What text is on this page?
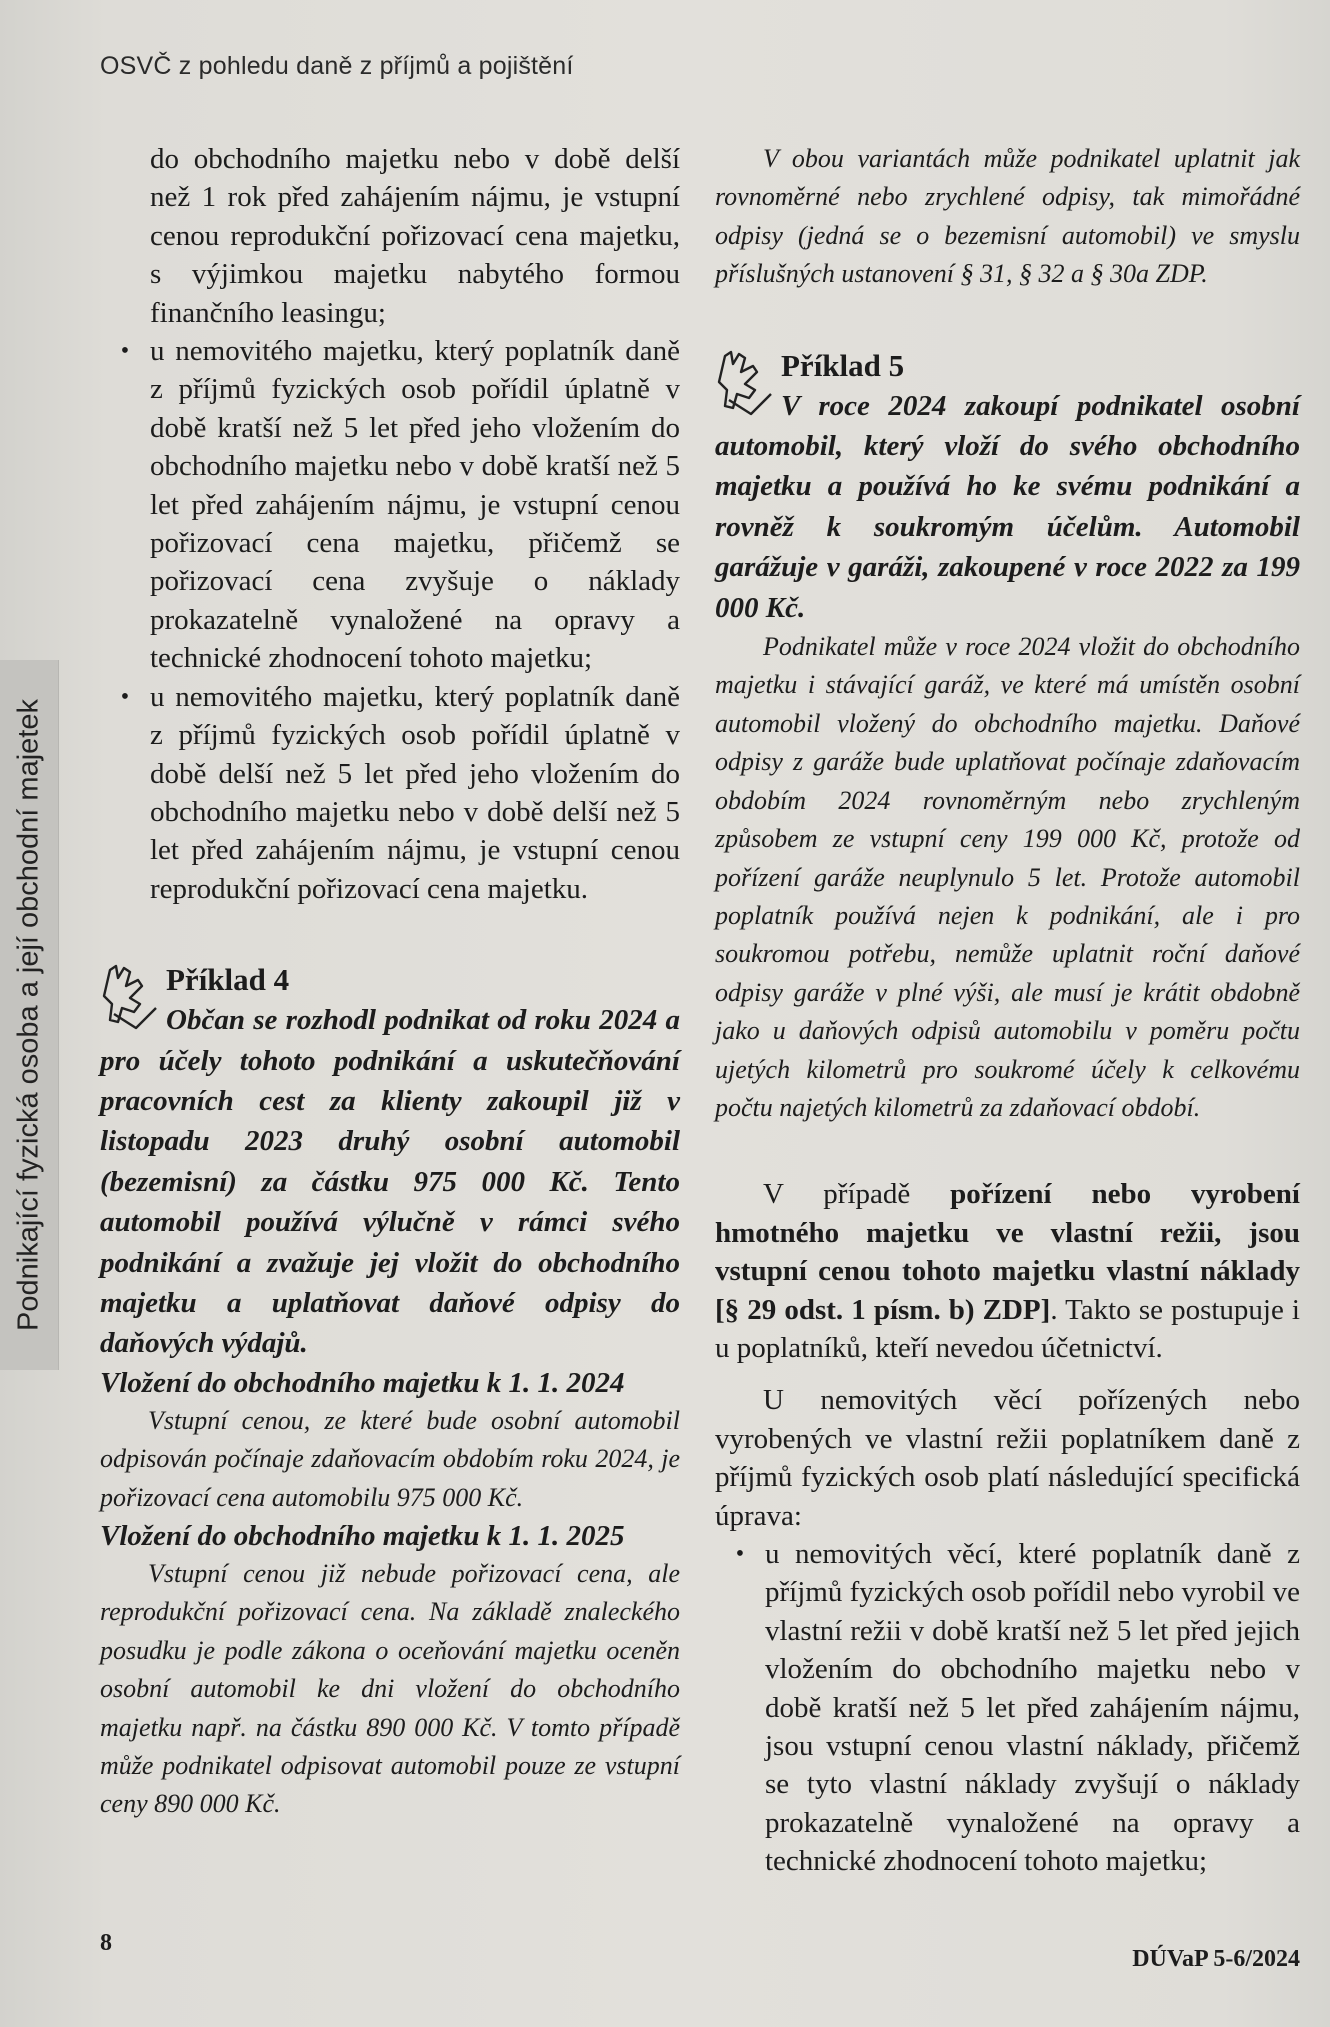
OSVČ z pohledu daně z příjmů a pojištění
Podnikající fyzická osoba a její obchodní majetek

do obchodního majetku nebo v době delší než 1 rok před zahájením nájmu, je vstupní cenou reprodukční pořizovací cena majetku, s výjimkou majetku nabytého formou finančního leasingu;

• u nemovitého majetku, který poplatník daně z příjmů fyzických osob pořídil úplatně v době kratší než 5 let před jeho vložením do obchodního majetku nebo v době kratší než 5 let před zahájením nájmu, je vstupní cenou pořizovací cena majetku, přičemž se pořizovací cena zvyšuje o náklady prokazatelně vynaložené na opravy a technické zhodnocení tohoto majetku;
• u nemovitého majetku, který poplatník daně z příjmů fyzických osob pořídil úplatně v době delší než 5 let před jeho vložením do obchodního majetku nebo v době delší než 5 let před zahájením nájmu, je vstupní cenou reprodukční pořizovací cena majetku.
Příklad 4

Občan se rozhodl podnikat od roku 2024 a pro účely tohoto podnikání a uskutečňování pracovních cest za klienty zakoupil již v listopadu 2023 druhý osobní automobil (bezemisní) za částku 975 000 Kč. Tento automobil používá výlučně v rámci svého podnikání a zvažuje jej vložit do obchodního majetku a uplatňovat daňové odpisy do daňových výdajů.

Vložení do obchodního majetku k 1. 1. 2024

Vstupní cenou, ze které bude osobní automobil odpisován počínaje zdaňovacím obdobím roku 2024, je pořizovací cena automobilu 975 000 Kč.

Vložení do obchodního majetku k 1. 1. 2025

Vstupní cenou již nebude pořizovací cena, ale reprodukční pořizovací cena. Na základě znaleckého posudku je podle zákona o oceňování majetku oceněn osobní automobil ke dni vložení do obchodního majetku např. na částku 890 000 Kč. V tomto případě může podnikatel odpisovat automobil pouze ze vstupní ceny 890 000 Kč.

V obou variantách může podnikatel uplatnit jak rovnoměrné nebo zrychlené odpisy, tak mimořádné odpisy (jedná se o bezemisní automobil) ve smyslu příslušných ustanovení § 31, § 32 a § 30a ZDP.

Příklad 5

V roce 2024 zakoupí podnikatel osobní automobil, který vloží do svého obchodního majetku a používá ho ke svému podnikání a rovněž k soukromým účelům. Automobil garážuje v garáži, zakoupené v roce 2022 za 199 000 Kč.

Podnikatel může v roce 2024 vložit do obchodního majetku i stávající garáž, ve které má umístěn osobní automobil vložený do obchodního majetku. Daňové odpisy z garáže bude uplatňovat počínaje zdaňovacím obdobím 2024 rovnoměrným nebo zrychleným způsobem ze vstupní ceny 199 000 Kč, protože od pořízení garáže neuplynulo 5 let. Protože automobil poplatník používá nejen k podnikání, ale i pro soukromou potřebu, nemůže uplatnit roční daňové odpisy garáže v plné výši, ale musí je krátit obdobně jako u daňových odpisů automobilu v poměru počtu ujetých kilometrů pro soukromé účely k celkovému počtu najetých kilometrů za zdaňovací období.

V případě pořízení nebo vyrobení hmotného majetku ve vlastní režii, jsou vstupní cenou tohoto majetku vlastní náklady [§ 29 odst. 1 písm. b) ZDP]. Takto se postupuje i u poplatníků, kteří nevedou účetnictví.

U nemovitých věcí pořízených nebo vyrobených ve vlastní režii poplatníkem daně z příjmů fyzických osob platí následující specifická úprava:

• u nemovitých věcí, které poplatník daně z příjmů fyzických osob pořídil nebo vyrobil ve vlastní režii v době kratší než 5 let před jejich vložením do obchodního majetku nebo v době kratší než 5 let před zahájením nájmu, jsou vstupní cenou vlastní náklady, přičemž se tyto vlastní náklady zvyšují o náklady prokazatelně vynaložené na opravy a technické zhodnocení tohoto majetku;
8
DÚVaP 5-6/2024
